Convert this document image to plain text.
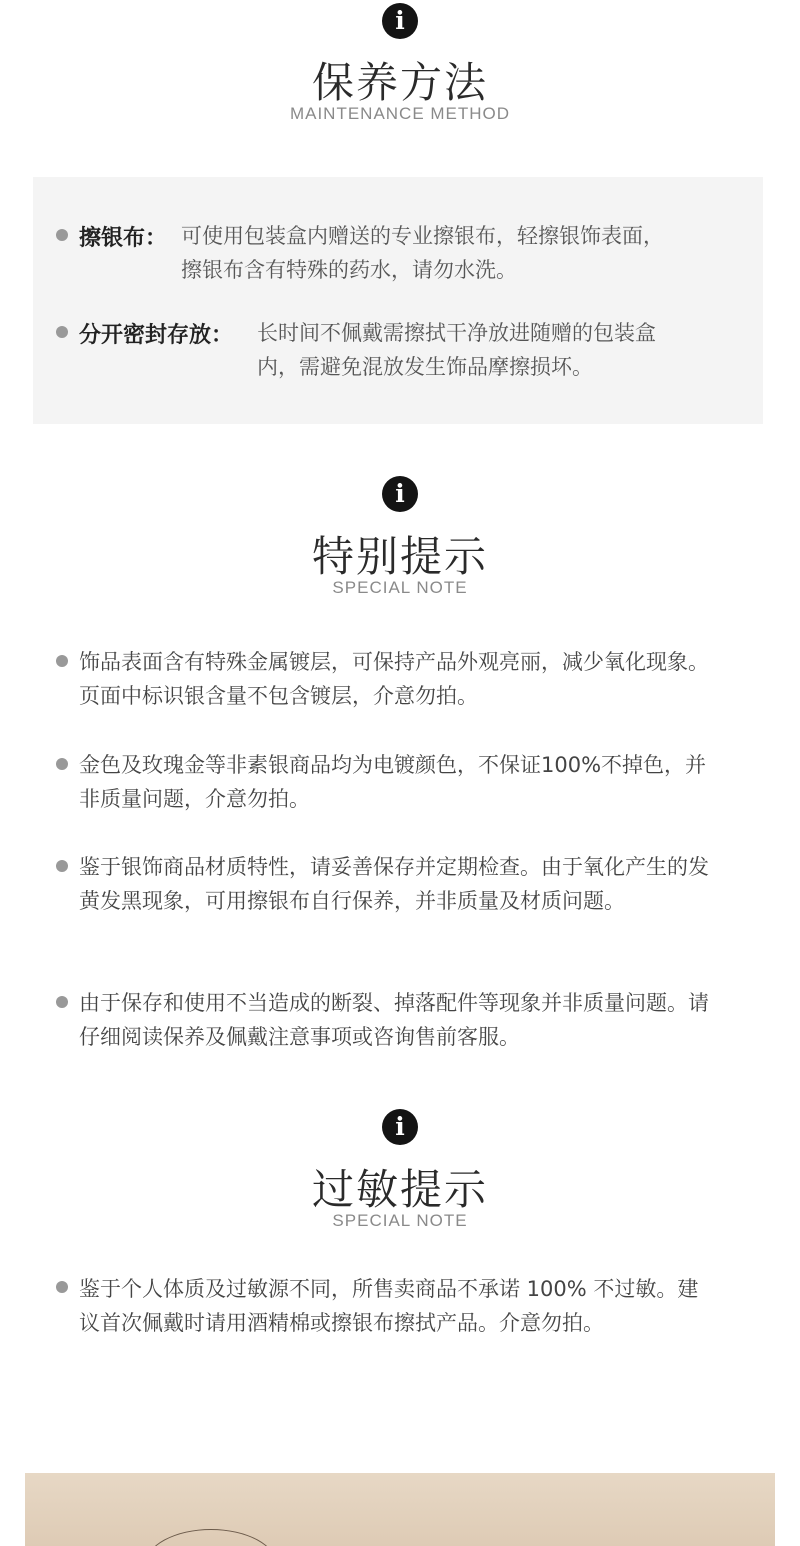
i
保养方法
MAINTENANCE METHOD
擦银布： 可使用包装盒内赠送的专业擦银布，轻擦银饰表面，
擦银布含有特殊的药水，请勿水洗。
分开密封存放： 长时间不佩戴需擦拭干净放进随赠的包装盒
内，需避免混放发生饰品摩擦损坏。
i
特别提示
SPECIAL NOTE
饰品表面含有特殊金属镀层，可保持产品外观亮丽，减少氧化现象。页面中标识银含量不包含镀层，介意勿拍。
金色及玫瑰金等非素银商品均为电镀颜色，不保证100%不掉色，并非质量问题，介意勿拍。
鉴于银饰商品材质特性，请妥善保存并定期检查。由于氧化产生的发黄发黑现象，可用擦银布自行保养，并非质量及材质问题。
由于保存和使用不当造成的断裂、掉落配件等现象并非质量问题。请仔细阅读保养及佩戴注意事项或咨询售前客服。
i
过敏提示
SPECIAL NOTE
鉴于个人体质及过敏源不同，所售卖商品不承诺 100% 不过敏。建议首次佩戴时请用酒精棉或擦银布擦拭产品。介意勿拍。
